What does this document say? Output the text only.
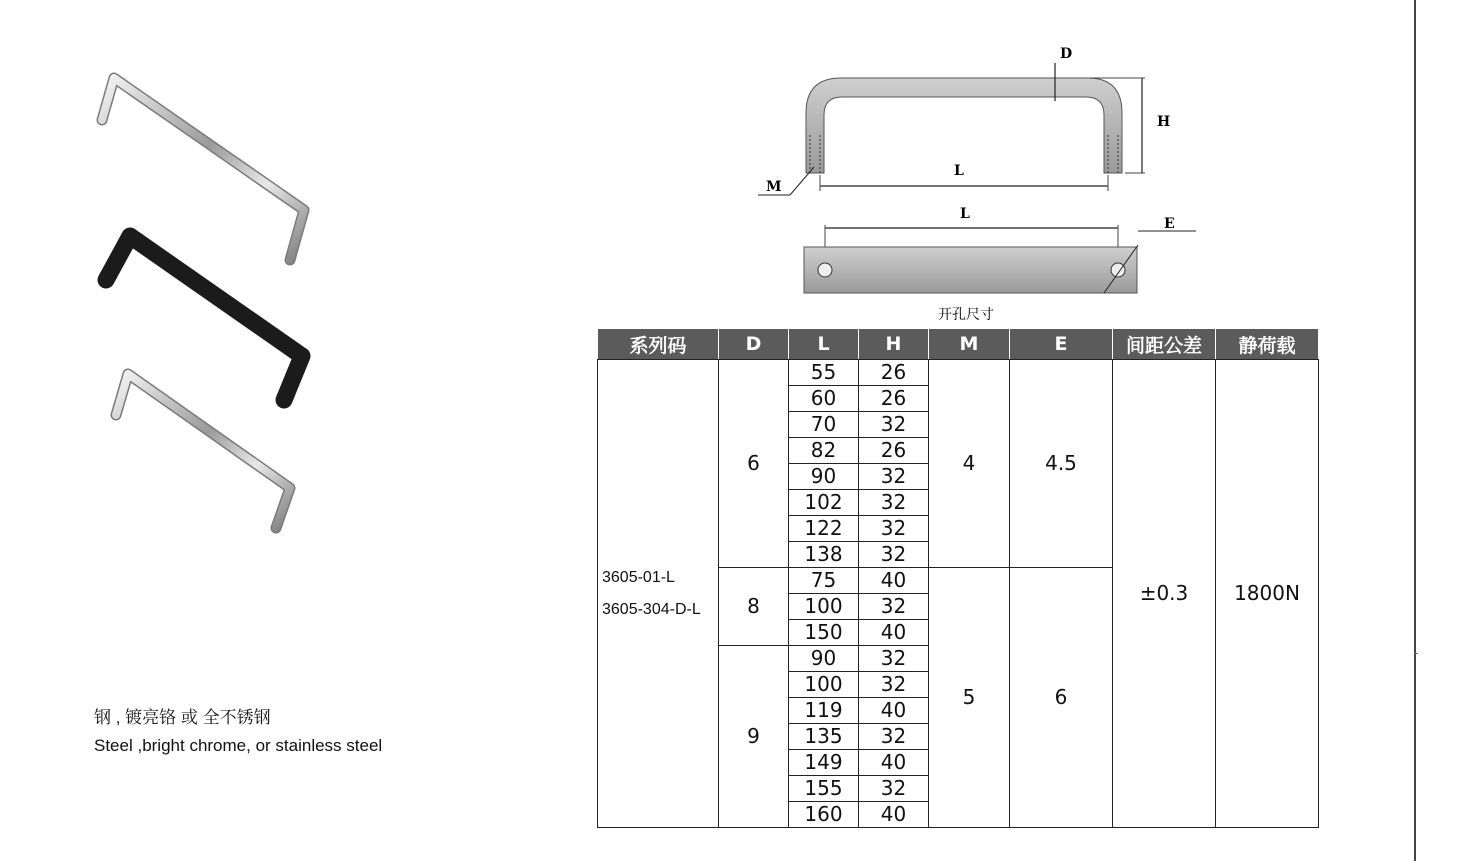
钢 , 镀亮铬 或 全不锈钢
Steel ,bright chrome, or stainless steel
D
H
L
M
L
E
开孔尺寸
系列码	D	L	H	M	E	间距公差	静荷载

3605-01-L
3605-304-D-L	6	55	26	4	4.5	±0.3	1800N
		60	26				
		70	32				
		82	26				
		90	32				
		102	32				
		122	32				
		138	32				
	8	75	40	5	6		
		100	32				
		150	40				
	9	90	32				
		100	32				
		119	40				
		135	32				
		149	40				
		155	32				
		160	40				
